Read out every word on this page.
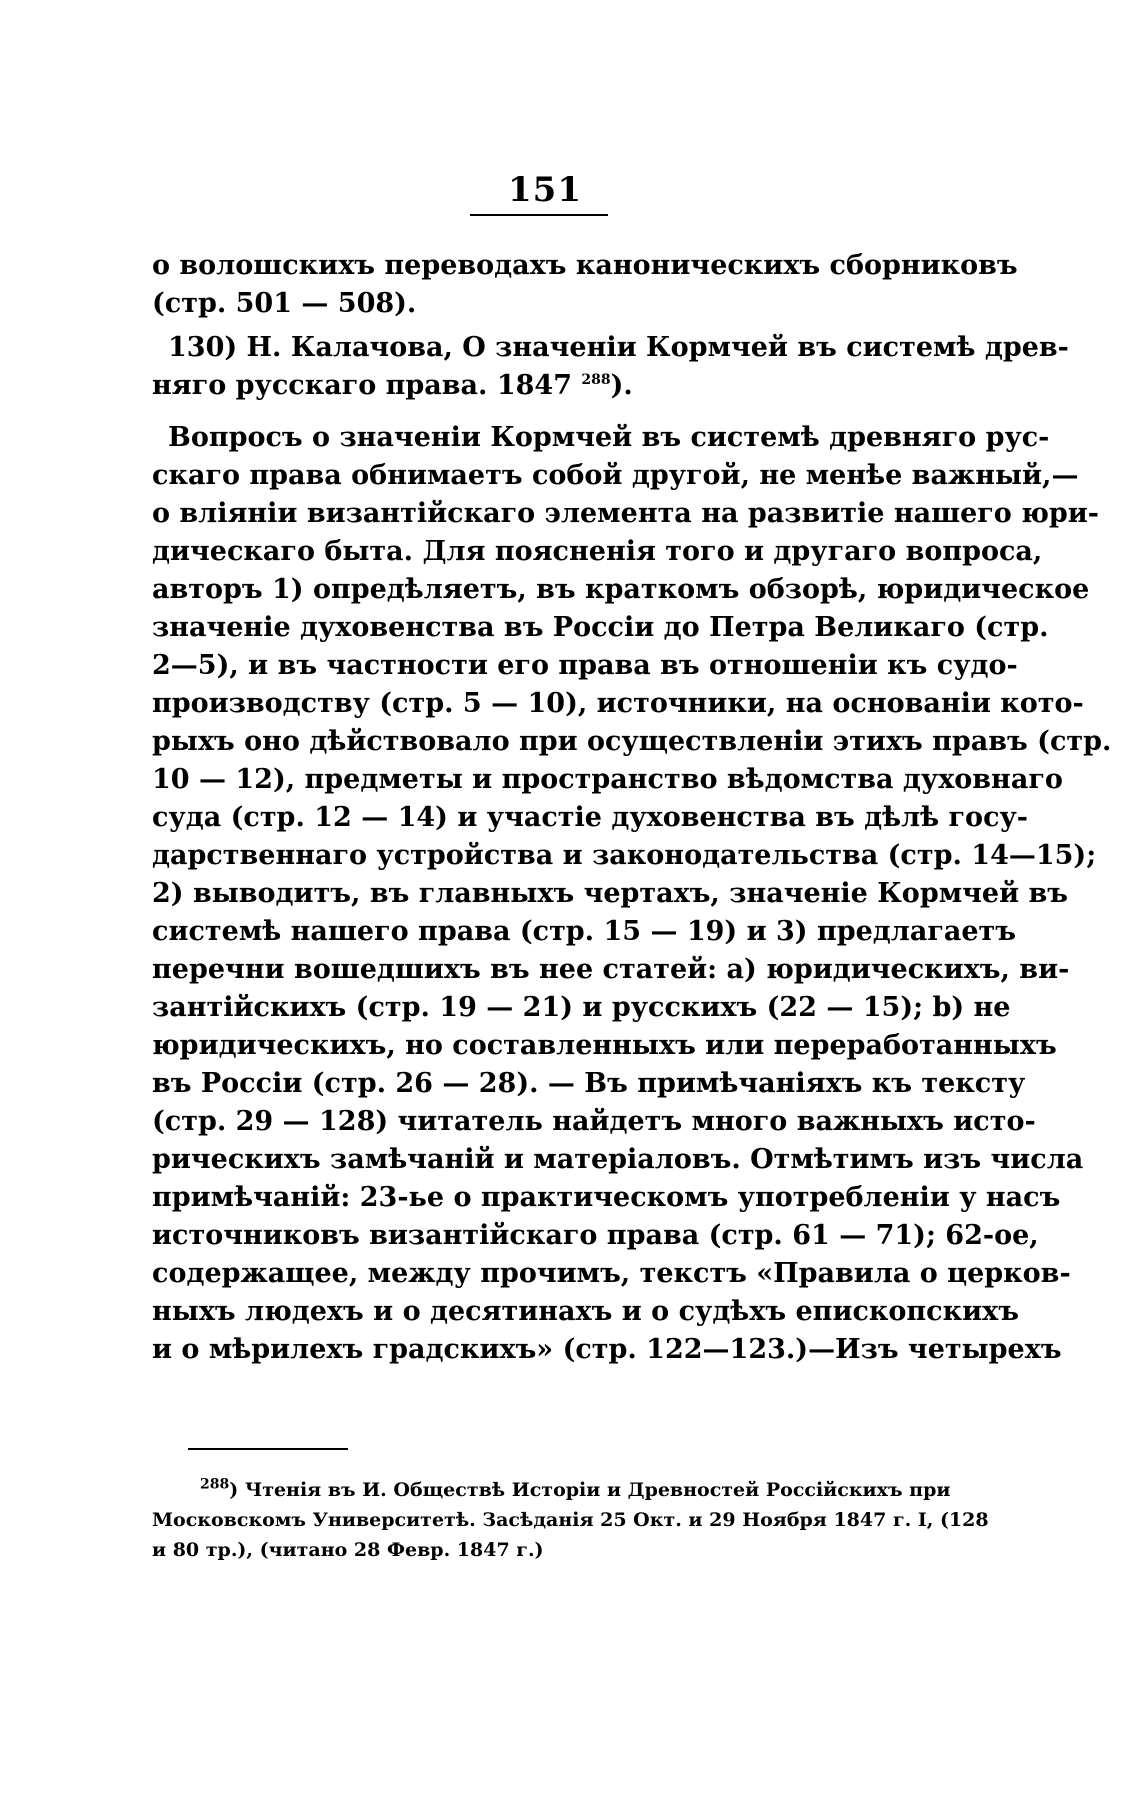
151
о волошскихъ переводахъ каноническихъ сборниковъ
(стр. 501 — 508).
130) Н. Калачова, О значеніи Кормчей въ системѣ древ-
няго русскаго права. 1847 $^{288}$).
Вопросъ о значеніи Кормчей въ системѣ древняго рус-
скаго права обнимаетъ собой другой, не менѣе важный,—
о вліяніи византійскаго элемента на развитіе нашего юри-
дическаго быта. Для поясненія того и другаго вопроса,
авторъ 1) опредѣляетъ, въ краткомъ обзорѣ, юридическое
значеніе духовенства въ Россіи до Петра Великаго (стр.
2—5), и въ частности его права въ отношеніи къ судо-
производству (стр. 5 — 10), источники, на основаніи кото-
рыхъ оно дѣйствовало при осуществленіи этихъ правъ (стр.
10 — 12), предметы и пространство вѣдомства духовнаго
суда (стр. 12 — 14) и участіе духовенства въ дѣлѣ госу-
дарственнаго устройства и законодательства (стр. 14—15);
2) выводитъ, въ главныхъ чертахъ, значеніе Кормчей въ
системѣ нашего права (стр. 15 — 19) и 3) предлагаетъ
перечни вошедшихъ въ нее статей: а) юридическихъ, ви-
зантійскихъ (стр. 19 — 21) и русскихъ (22 — 15); b) не
юридическихъ, но составленныхъ или переработанныхъ
въ Россіи (стр. 26 — 28). — Въ примѣчаніяхъ къ тексту
(стр. 29 — 128) читатель найдетъ много важныхъ исто-
рическихъ замѣчаній и матеріаловъ. Отмѣтимъ изъ числа
примѣчаній: 23-ье о практическомъ употребленіи у насъ
источниковъ византійскаго права (стр. 61 — 71); 62-ое,
содержащее, между прочимъ, текстъ «Правила о церков-
ныхъ людехъ и о десятинахъ и о судѣхъ епископскихъ
и о мѣрилехъ градскихъ» (стр. 122—123.)—Изъ четырехъ
$^{288}$) Чтенія въ И. Обществѣ Исторіи и Древностей Россійскихъ при
Московскомъ Университетѣ. Засѣданія 25 Окт. и 29 Ноября 1847 г. I, (128
и 80 тр.), (читано 28 Февр. 1847 г.)
